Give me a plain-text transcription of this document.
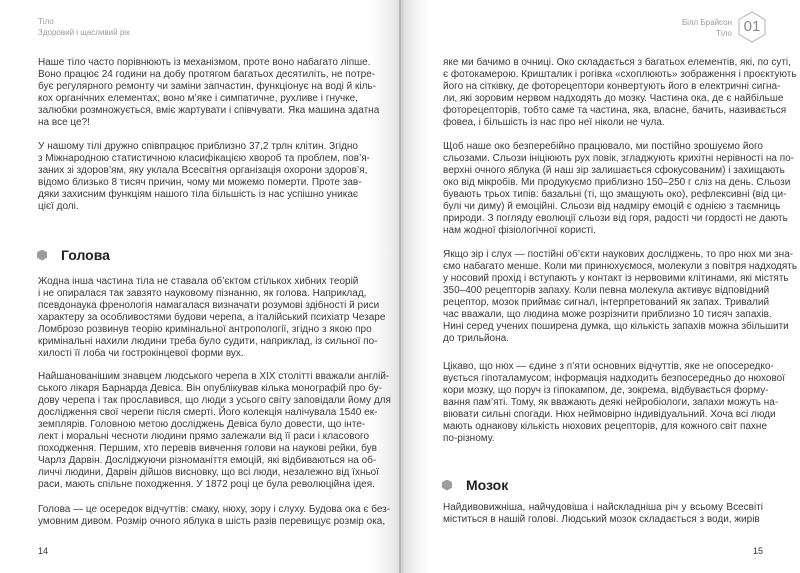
Тіло
Здоровий і щасливий рік
Наше тіло часто порівнюють із механізмом, проте воно набагато ліпше.
Воно працює 24 години на добу протягом багатьох десятиліть, не потре-
бує регулярного ремонту чи заміни запчастин, функціонує на воді й кіль-
кох органічних елементах; воно м’яке і симпатичне, рухливе і гнучке,
залюбки розмножується, вміє жартувати і співчувати. Яка машина здатна
на все це?!
У нашому тілі дружно співпрацює приблизно 37,2 трлн клітин. Згідно
з Міжнародною статистичною класифікацією хвороб та проблем, пов’я-
заних зі здоров’ям, яку уклала Всесвітня організація охорони здоров’я,
відомо близько 8 тисяч причин, чому ми можемо померти. Проте зав-
дяки захисним функціям нашого тіла більшість із нас успішно уникає
цієї долі.
Голова
Жодна інша частина тіла не ставала об’єктом стількох хибних теорій
і не опиралася так завзято науковому пізнанню, як голова. Наприклад,
псевдонаука френологія намагалася визначати розумові здібності й риси
характеру за особливостями будови черепа, а італійський психіатр Чезаре
Ломброзо розвинув теорію кримінальної антропології, згідно з якою про
кримінальні нахили людини треба було судити, наприклад, із сильної по-
хилості її лоба чи гострокінцевої форми вух.
Найшанованішим знавцем людського черепа в XIX столітті вважали англій-
ського лікаря Барнарда Девіса. Він опублікував кілька монографій про бу-
дову черепа і так прославився, що люди з усього світу заповідали йому для
дослідження свої черепи після смерті. Його колекція налічувала 1540 ек-
земплярів. Головною метою досліджень Девіса було довести, що інте-
лект і моральні чесноти людини прямо залежали від її раси і класового
походження. Першим, хто перевів вивчення голови на наукові рейки, був
Чарлз Дарвін. Досліджуючи різноманіття емоцій, які відбиваються на об-
личчі людини, Дарвін дійшов висновку, що всі люди, незалежно від їхньої
раси, мають спільне походження. У 1872 році це була революційна ідея.
Голова — це осередок відчуттів: смаку, нюху, зору і слуху. Будова ока є без-
умовним дивом. Розмір очного яблука в шість разів перевищує розмір ока,
14
Білл Брайсон
Тіло 01
яке ми бачимо в очниці. Око складається з багатьох елементів, які, по суті,
є фотокамерою. Кришталик і рогівка «схоплюють» зображення і проєктують
його на сітківку, де фоторецептори конвертують його в електричні сигна-
ли, які зоровим нервом надходять до мозку. Частина ока, де є найбільше
фоторецепторів, тобто саме та частина, яка, власне, бачить, називається
фовеа, і більшість із нас про неї ніколи не чула.
Щоб наше око безперебійно працювало, ми постійно зрошуємо його
сльозами. Сльози ініціюють рух повік, згладжують крихітні нерівності на по-
верхні очного яблука (й наш зір залишається сфокусованим) і захищають
око від мікробів. Ми продукуємо приблизно 150–250 г сліз на день. Сльози
бувають трьох типів: базальні (ті, що змащують око), рефлексивні (від ци-
булі чи диму) й емоційні. Сльози від надміру емоцій є однією з таємниць
природи. З погляду еволюції сльози від горя, радості чи гордості не дають
нам жодної фізіологічної користі.
Якщо зір і слух — постійні об’єкти наукових досліджень, то про нюх ми зна-
ємо набагато менше. Коли ми принюхуємося, молекули з повітря надходять
у носовий прохід і вступають у контакт із нервовими клітинами, які містять
350–400 рецепторів запаху. Коли певна молекула активує відповідний
рецептор, мозок приймає сигнал, інтерпретований як запах. Тривалий
час вважали, що людина може розрізнити приблизно 10 тисяч запахів.
Нині серед учених поширена думка, що кількість запахів можна збільшити
до трильйона.
Цікаво, що нюх — єдине з п’яти основних відчуттів, яке не опосередко-
вується гіпоталамусом; інформація надходить безпосередньо до нюхової
кори мозку, що поруч із гіпокампом, де, зокрема, відбувається форму-
вання пам’яті. Тому, як вважають деякі нейробіологи, запахи можуть на-
віювати сильні спогади. Нюх неймовірно індивідуальний. Хоча всі люди
мають однакову кількість нюхових рецепторів, для кожного світ пахне
по-різному.
Мозок
Найдивовижніша, найчудовіша і найскладніша річ у всьому Всесвіті
міститься в нашій голові. Людський мозок складається з води, жирів
15
